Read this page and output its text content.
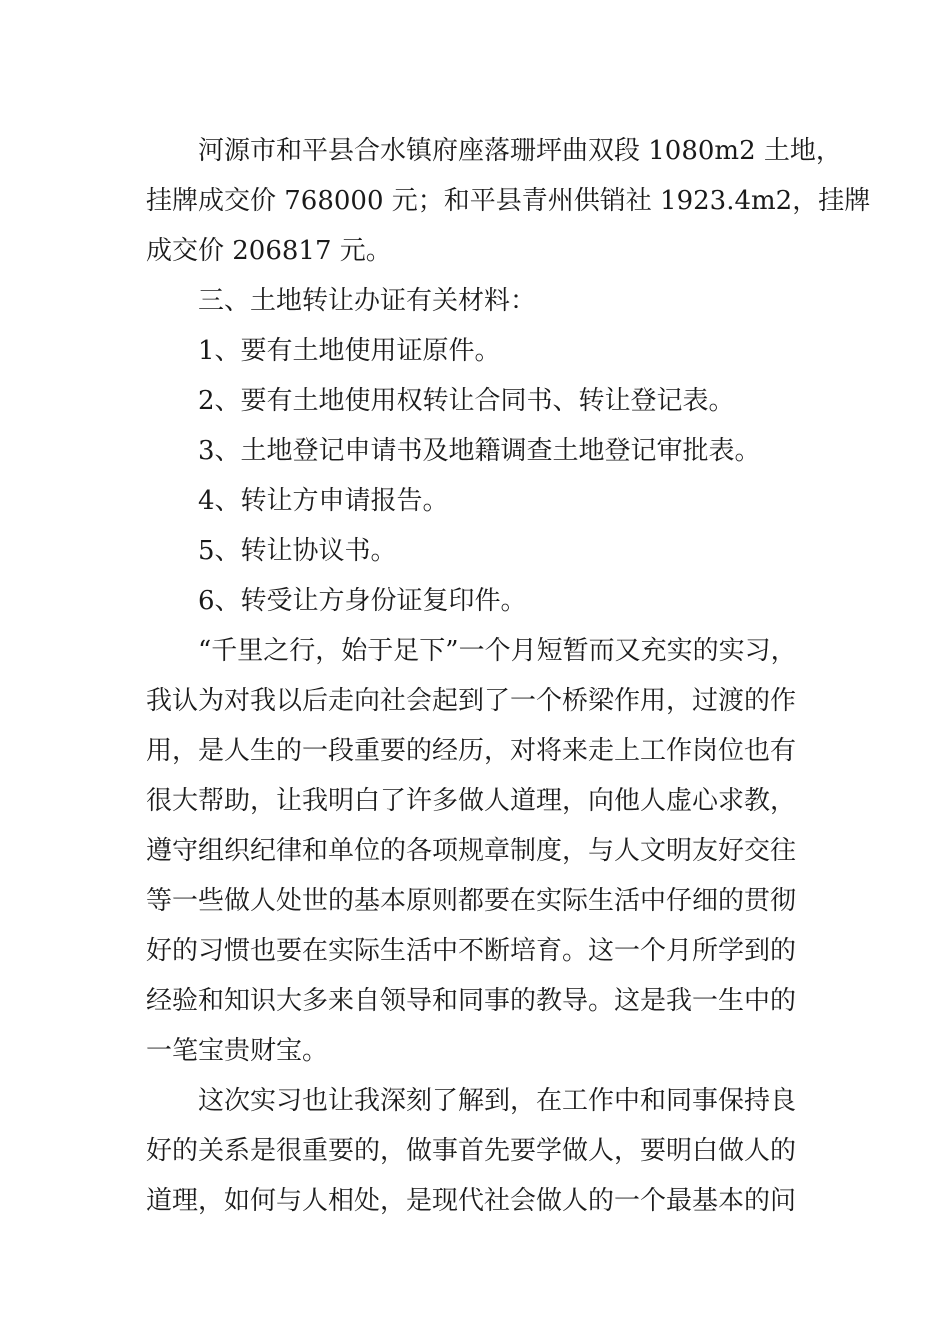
河源市和平县合水镇府座落珊坪曲双段 1080m2 土地，
挂牌成交价 768000 元；和平县青州供销社 1923.4m2，挂牌
成交价 206817 元。
三、土地转让办证有关材料：
1、要有土地使用证原件。
2、要有土地使用权转让合同书、转让登记表。
3、土地登记申请书及地籍调查土地登记审批表。
4、转让方申请报告。
5、转让协议书。
6、转受让方身份证复印件。
“千里之行，始于足下”一个月短暂而又充实的实习，
我认为对我以后走向社会起到了一个桥梁作用，过渡的作
用，是人生的一段重要的经历，对将来走上工作岗位也有
很大帮助，让我明白了许多做人道理，向他人虚心求教，
遵守组织纪律和单位的各项规章制度，与人文明友好交往
等一些做人处世的基本原则都要在实际生活中仔细的贯彻
好的习惯也要在实际生活中不断培育。这一个月所学到的
经验和知识大多来自领导和同事的教导。这是我一生中的
一笔宝贵财宝。
这次实习也让我深刻了解到，在工作中和同事保持良
好的关系是很重要的，做事首先要学做人，要明白做人的
道理，如何与人相处，是现代社会做人的一个最基本的问
